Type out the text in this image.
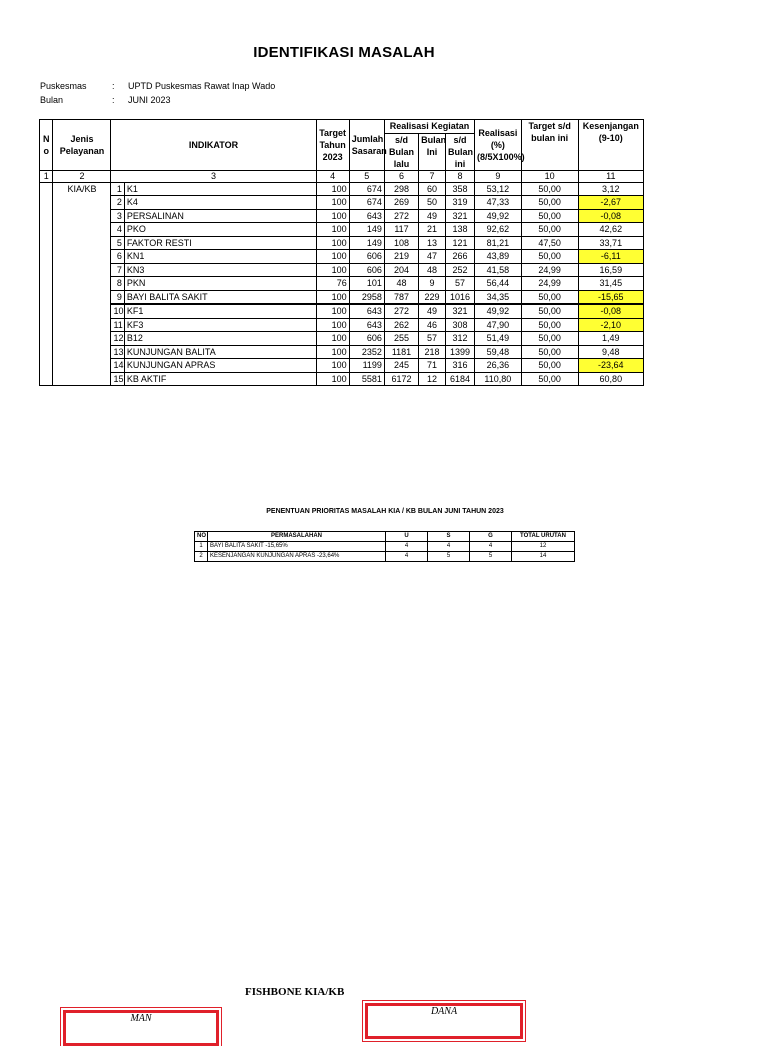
IDENTIFIKASI MASALAH
Puskesmas	: UPTD Puskesmas Rawat Inap Wado
Bulan	: JUNI 2023
N o	Jenis Pelayanan	INDIKATOR		Target Tahun 2023	Jumlah Sasaran	Realisasi Kegiatan			Realisasi (%) (8/5X100%)	Target s/d bulan ini	Kesenjangan (9-10)
						s/d Bulan lalu	Bulan Ini	s/d Bulan ini			

1	2	3		4	5	6	7	8	9	10	11
	KIA/KB	1	K1	100	674	298	60	358	53,12	50,00	3,12
		2	K4	100	674	269	50	319	47,33	50,00	-2,67
		3	PERSALINAN	100	643	272	49	321	49,92	50,00	-0,08
		4	PKO	100	149	117	21	138	92,62	50,00	42,62
		5	FAKTOR RESTI	100	149	108	13	121	81,21	47,50	33,71
		6	KN1	100	606	219	47	266	43,89	50,00	-6,11
		7	KN3	100	606	204	48	252	41,58	24,99	16,59
		8	PKN	76	101	48	9	57	56,44	24,99	31,45
		9	BAYI BALITA SAKIT	100	2958	787	229	1016	34,35	50,00	-15,65
		10	KF1	100	643	272	49	321	49,92	50,00	-0,08
		11	KF3	100	643	262	46	308	47,90	50,00	-2,10
		12	B12	100	606	255	57	312	51,49	50,00	1,49
		13	KUNJUNGAN BALITA	100	2352	1181	218	1399	59,48	50,00	9,48
		14	KUNJUNGAN APRAS	100	1199	245	71	316	26,36	50,00	-23,64
		15	KB AKTIF	100	5581	6172	12	6184	110,80	50,00	60,80
PENENTUAN PRIORITAS MASALAH KIA / KB BULAN JUNI TAHUN 2023
NO	PERMASALAHAN	U	S	G	TOTAL URUTAN
1	BAYI BALITA SAKIT -15,65%	4	4	4	12
2	KESENJANGAN KUNJUNGAN APRAS -23,64%	4	5	5	14
FISHBONE KIA/KB
MAN
DANA
